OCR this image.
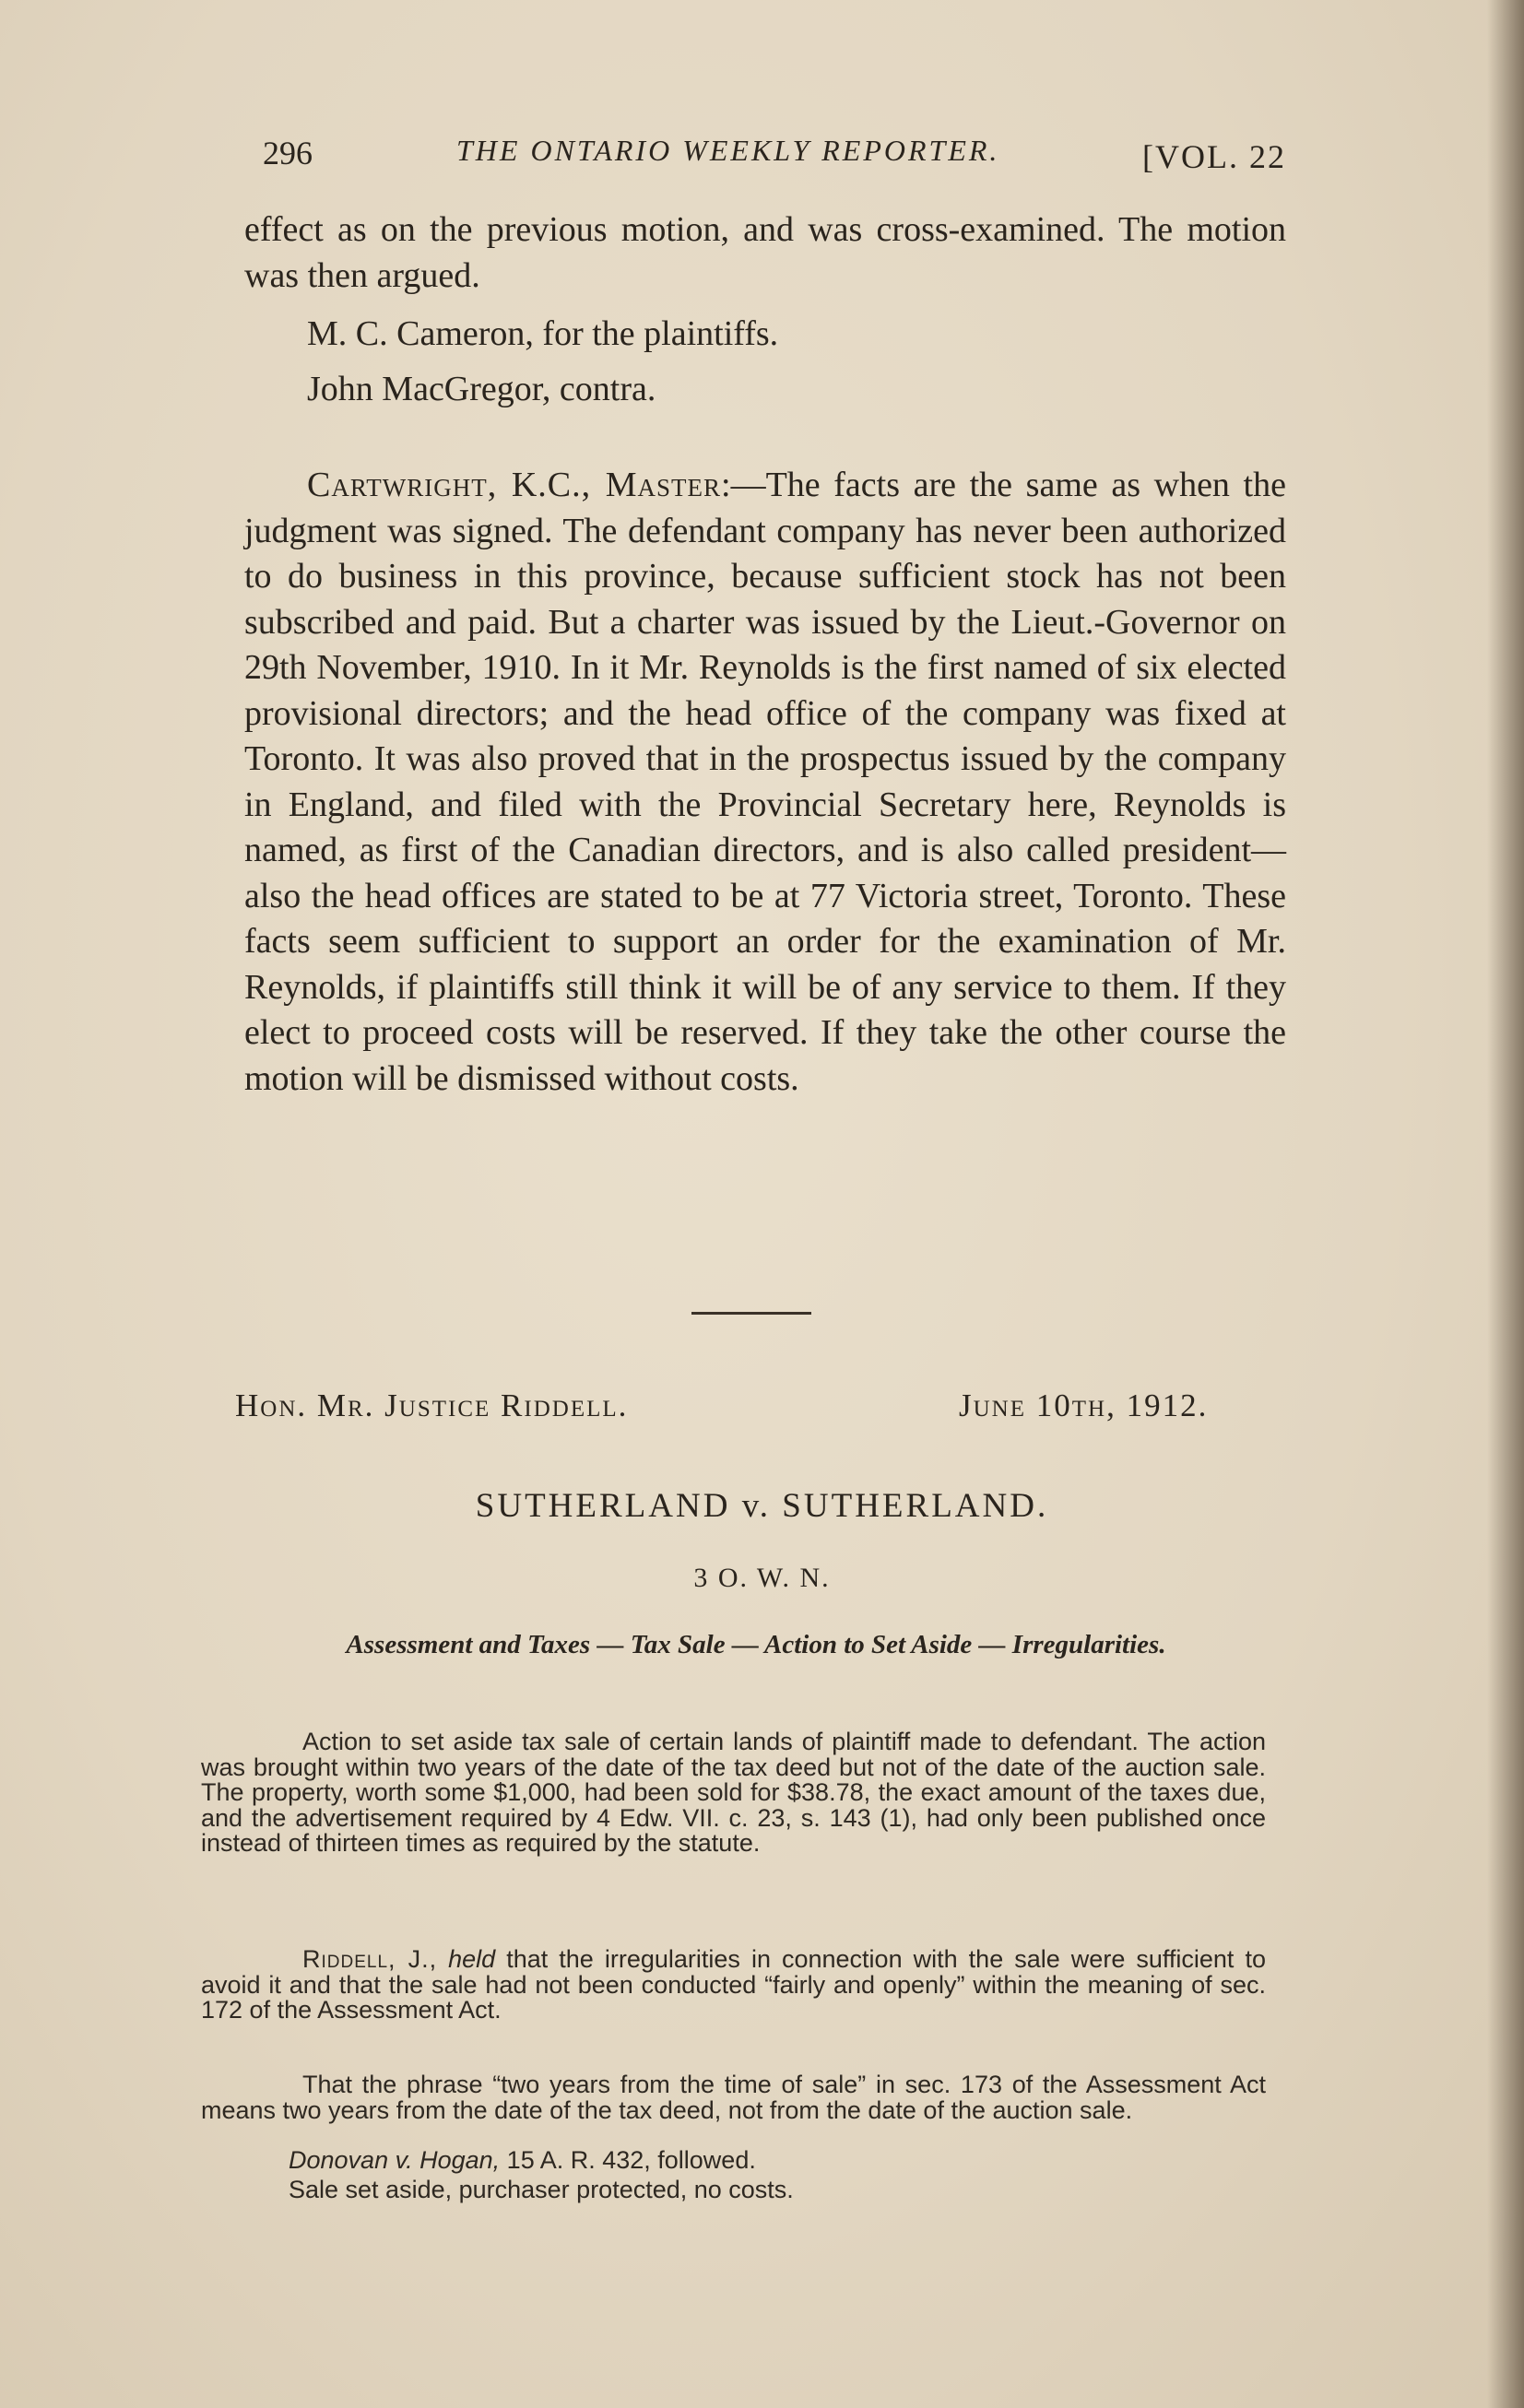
296	THE ONTARIO WEEKLY REPORTER.	[VOL. 22

effect as on the previous motion, and was cross-examined. The motion was then argued.

M. C. Cameron, for the plaintiffs.
John MacGregor, contra.

Cartwright, K.C., Master:—The facts are the same as when the judgment was signed. The defendant company has never been authorized to do business in this province, because sufficient stock has not been subscribed and paid. But a charter was issued by the Lieut.-Governor on 29th November, 1910. In it Mr. Reynolds is the first named of six elected provisional directors; and the head office of the company was fixed at Toronto. It was also proved that in the prospectus issued by the company in England, and filed with the Provincial Secretary here, Reynolds is named, as first of the Canadian directors, and is also called president—also the head offices are stated to be at 77 Victoria street, Toronto. These facts seem sufficient to support an order for the examination of Mr. Reynolds, if plaintiffs still think it will be of any service to them. If they elect to proceed costs will be reserved. If they take the other course the motion will be dismissed without costs.

Hon. Mr. Justice Riddell.	June 10th, 1912.
SUTHERLAND v. SUTHERLAND.
3 O. W. N.

Assessment and Taxes — Tax Sale — Action to Set Aside — Irregularities.

Action to set aside tax sale of certain lands of plaintiff made to defendant. The action was brought within two years of the date of the tax deed but not of the date of the auction sale. The property, worth some $1,000, had been sold for $38.78, the exact amount of the taxes due, and the advertisement required by 4 Edw. VII. c. 23, s. 143 (1), had only been published once instead of thirteen times as required by the statute.

Riddell, J., held that the irregularities in connection with the sale were sufficient to avoid it and that the sale had not been conducted “fairly and openly” within the meaning of sec. 172 of the Assessment Act.

That the phrase “two years from the time of sale” in sec. 173 of the Assessment Act means two years from the date of the tax deed, not from the date of the auction sale.

Donovan v. Hogan, 15 A. R. 432, followed.

Sale set aside, purchaser protected, no costs.
